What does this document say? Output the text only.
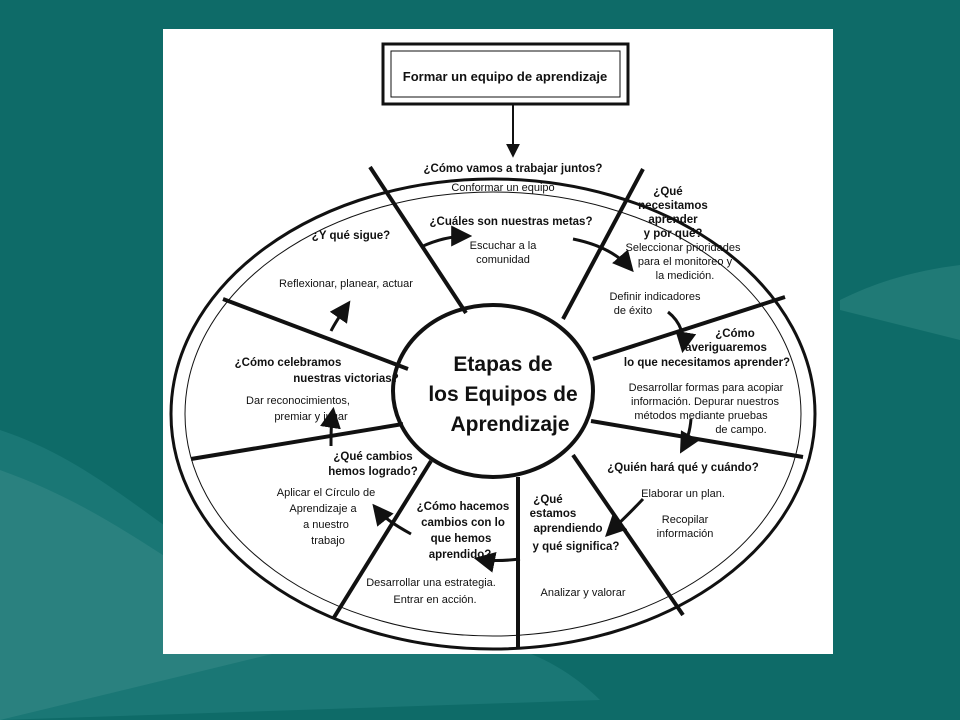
Formar un equipo de aprendizaje
Etapas de
los Equipos de
Aprendizaje
¿Cómo vamos a trabajar juntos?
Conformar un equipo
¿Cuáles son nuestras metas?
Escuchar a la
comunidad
¿Qué
necesitamos
aprender
y por qué?
Seleccionar prioridades
para el monitoreo y
la medición.
Definir indicadores
de éxito
¿Cómo
averiguaremos
lo que necesitamos aprender?
Desarrollar formas para acopiar
información. Depurar nuestros
métodos mediante pruebas
de campo.
¿Quién hará qué y cuándo?
Elaborar un plan.
Recopilar
información
¿Qué
estamos
aprendiendo
y qué significa?
Analizar y valorar
¿Cómo hacemos
cambios con lo
que hemos
aprendido?
Desarrollar una estrategia.
Entrar en acción.
Aplicar el Círculo de
Aprendizaje a
a nuestro
trabajo
¿Qué cambios
hemos logrado?
Dar reconocimientos,
premiar y jugar
¿Cómo celebramos
nuestras victorias?
¿Y qué sigue?
Reflexionar, planear, actuar
